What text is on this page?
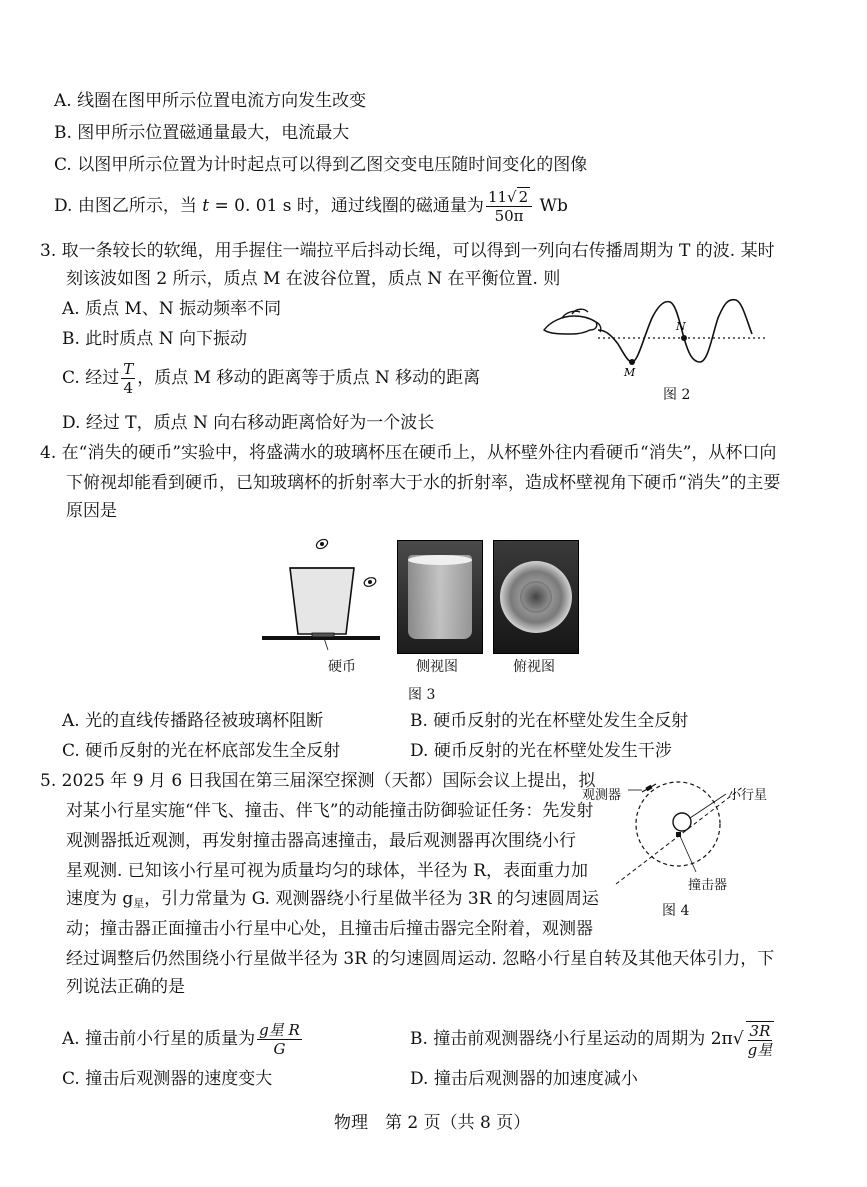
A. 线圈在图甲所示位置电流方向发生改变
B. 图甲所示位置磁通量最大，电流最大
C. 以图甲所示位置为计时起点可以得到乙图交变电压随时间变化的图像
D. 由图乙所示，当 t = 0. 01 s 时，通过线圈的磁通量为 $\frac{11√ 2}{50\pi}$ Wb
3. 取一条较长的软绳，用手握住一端拉平后抖动长绳，可以得到一列向右传播周期为 T 的波. 某时
刻该波如图 2 所示，质点 M 在波谷位置，质点 N 在平衡位置. 则
A. 质点 M、N 振动频率不同
B. 此时质点 N 向下振动
C. 经过 $\frac{T}{4}$ ，质点 M 移动的距离等于质点 N 移动的距离
D. 经过 T，质点 N 向右移动距离恰好为一个波长
M
N
图 2
4. 在“消失的硬币”实验中，将盛满水的玻璃杯压在硬币上，从杯壁外往内看硬币“消失”，从杯口向
下俯视却能看到硬币，已知玻璃杯的折射率大于水的折射率，造成杯壁视角下硬币“消失”的主要
原因是
硬币	侧视图	俯视图
图 3
A. 光的直线传播路径被玻璃杯阻断	B. 硬币反射的光在杯壁处发生全反射
C. 硬币反射的光在杯底部发生全反射	D. 硬币反射的光在杯壁处发生干涉
5. 2025 年 9 月 6 日我国在第三届深空探测（天都）国际会议上提出，拟
对某小行星实施“伴飞、撞击、伴飞”的动能撞击防御验证任务：先发射
观测器抵近观测，再发射撞击器高速撞击，最后观测器再次围绕小行
星观测. 已知该小行星可视为质量均匀的球体，半径为 R，表面重力加
速度为 $g_星$，引力常量为 G. 观测器绕小行星做半径为 3R 的匀速圆周运
动；撞击器正面撞击小行星中心处，且撞击后撞击器完全附着，观测器
经过调整后仍然围绕小行星做半径为 3R 的匀速圆周运动. 忽略小行星自转及其他天体引力，下
列说法正确的是
观测器	小行星
撞击器
图 4
A. 撞击前小行星的质量为 $\frac{\text{g星 R}}{G}$	B. 撞击前观测器绕小行星运动的周期为 $2\pi√ \frac{3R}{\text{g星}}$
C. 撞击后观测器的速度变大	D. 撞击后观测器的加速度减小
物理　第 2 页（共 8 页）
